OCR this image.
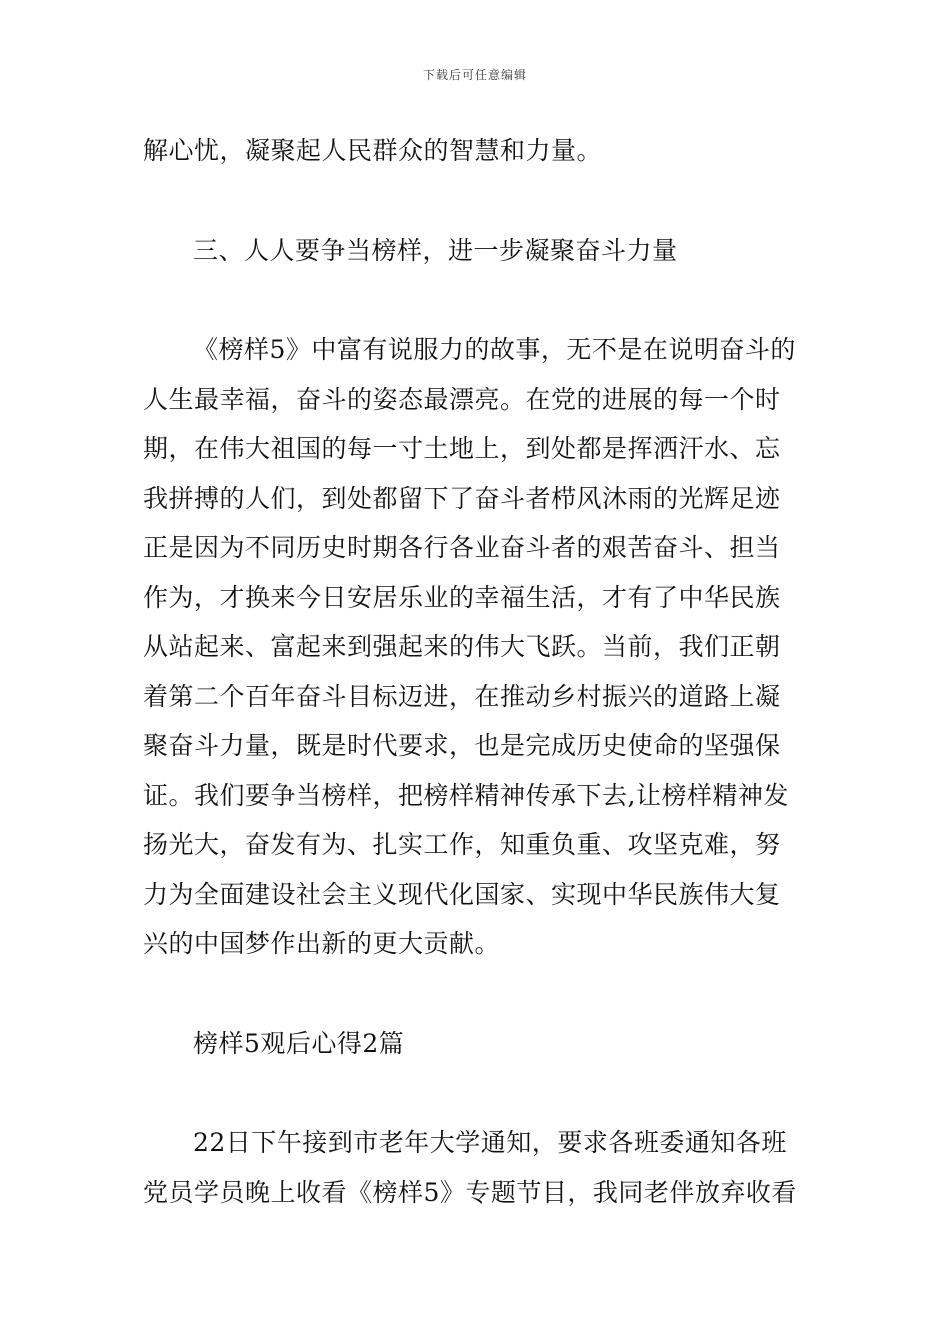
下载后可任意编辑
解心忧，凝聚起人民群众的智慧和力量。
三、人人要争当榜样，进一步凝聚奋斗力量
《榜样5》中富有说服力的故事，无不是在说明奋斗的
人生最幸福，奋斗的姿态最漂亮。在党的进展的每一个时
期，在伟大祖国的每一寸土地上，到处都是挥洒汗水、忘
我拼搏的人们，到处都留下了奋斗者栉风沐雨的光辉足迹
正是因为不同历史时期各行各业奋斗者的艰苦奋斗、担当
作为，才换来今日安居乐业的幸福生活，才有了中华民族
从站起来、富起来到强起来的伟大飞跃。当前，我们正朝
着第二个百年奋斗目标迈进，在推动乡村振兴的道路上凝
聚奋斗力量，既是时代要求，也是完成历史使命的坚强保
证。我们要争当榜样，把榜样精神传承下去,让榜样精神发
扬光大，奋发有为、扎实工作，知重负重、攻坚克难，努
力为全面建设社会主义现代化国家、实现中华民族伟大复
兴的中国梦作出新的更大贡献。
榜样5观后心得2篇
22日下午接到市老年大学通知，要求各班委通知各班
党员学员晚上收看《榜样5》专题节目，我同老伴放弃收看
